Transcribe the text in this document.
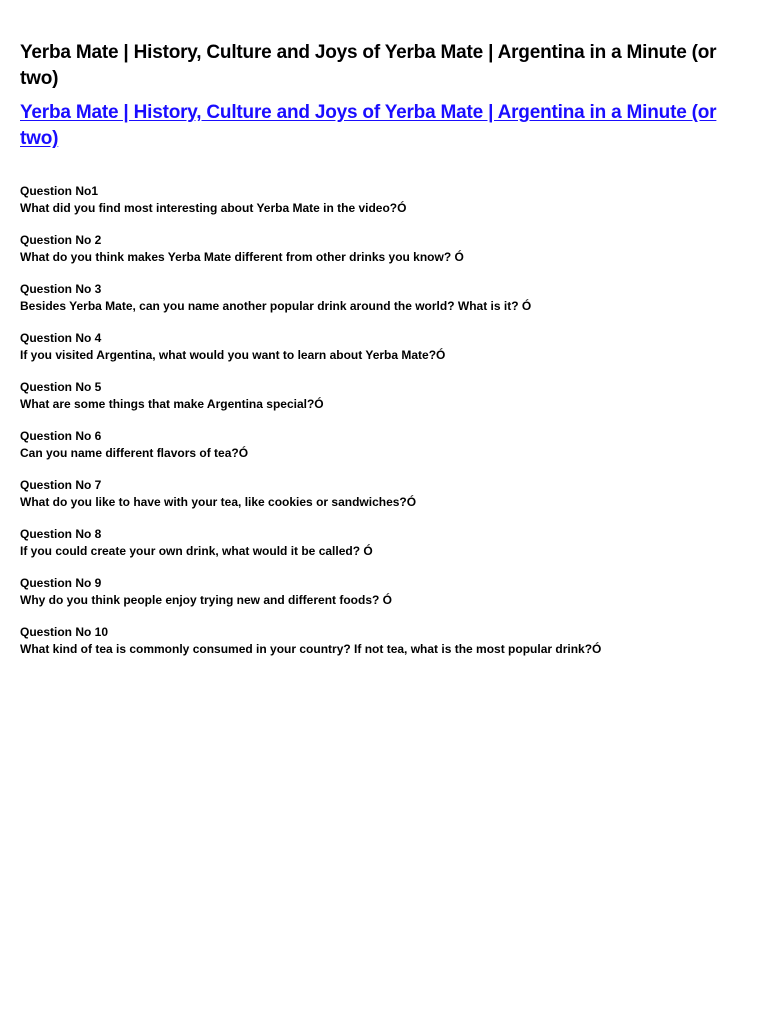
Yerba Mate | History, Culture and Joys of Yerba Mate | Argentina in a Minute (or two)
Yerba Mate | History, Culture and Joys of Yerba Mate | Argentina in a Minute (or two)
Question No1
What did you find most interesting about Yerba Mate in the video?Ó
Question No 2
What do you think makes Yerba Mate different from other drinks you know? Ó
Question No 3
Besides Yerba Mate, can you name another popular drink around the world? What is it? Ó
Question No 4
If you visited Argentina, what would you want to learn about Yerba Mate?Ó
Question No 5
What are some things that make Argentina special?Ó
Question No 6
Can you name different flavors of tea?Ó
Question No 7
What do you like to have with your tea, like cookies or sandwiches?Ó
Question No 8
If you could create your own drink, what would it be called? Ó
Question No 9
Why do you think people enjoy trying new and different foods? Ó
Question No 10
What kind of tea is commonly consumed in your country? If not tea, what is the most popular drink?Ó
